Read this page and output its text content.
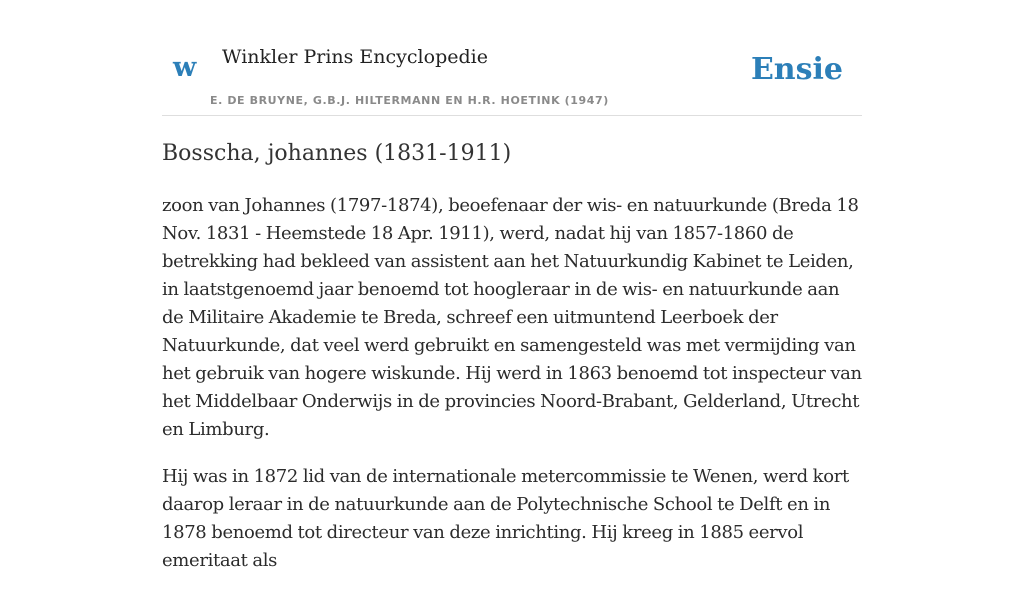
w Winkler Prins Encyclopedie
E. DE BRUYNE, G.B.J. HILTERMANN EN H.R. HOETINK (1947)
Ensie
Bosscha, johannes (1831-1911)

zoon van Johannes (1797-1874), beoefenaar der wis- en natuurkunde (Breda 18 Nov. 1831 - Heemstede 18 Apr. 1911), werd, nadat hij van 1857-1860 de betrekking had bekleed van assistent aan het Natuurkundig Kabinet te Leiden, in laatstgenoemd jaar benoemd tot hoogleraar in de wis- en natuurkunde aan de Militaire Akademie te Breda, schreef een uitmuntend Leerboek der Natuurkunde, dat veel werd gebruikt en samengesteld was met vermijding van het gebruik van hogere wiskunde. Hij werd in 1863 benoemd tot inspecteur van het Middelbaar Onderwijs in de provincies Noord-Brabant, Gelderland, Utrecht en Limburg.

Hij was in 1872 lid van de internationale metercommissie te Wenen, werd kort daarop leraar in de natuurkunde aan de Polytechnische School te Delft en in 1878 benoemd tot directeur van deze inrichting. Hij kreeg in 1885 eervol emeritaat als
